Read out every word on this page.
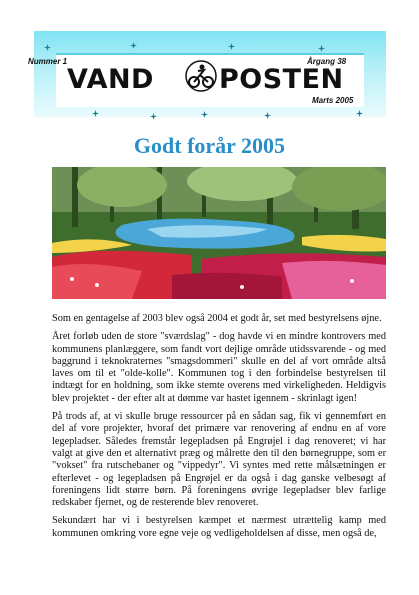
Nummer 1	Årgang 38
VAND POSTEN
Marts 2005
Godt forår 2005

Som en gentagelse af 2003 blev også 2004 et godt år, set med bestyrelsens øjne.

Året forløb uden de store "sværdslag" - dog havde vi en mindre kontrovers med kommunens planlæggere, som fandt vort dejlige område utidssvarende - og med baggrund i teknokraternes "smagsdommeri" skulle en del af vort område altså laves om til et "olde-kolle". Kommunen tog i den forbindelse bestyrelsen til indtægt for en holdning, som ikke stemte overens med virkeligheden. Heldigvis blev projektet - der efter alt at dømme var hastet igennem - skrinlagt igen!

På trods af, at vi skulle bruge ressourcer på en sådan sag, fik vi gennemført en del af vore projekter, hvoraf det primære var renovering af endnu en af vore legepladser. Således fremstår legepladsen på Engrøjel i dag renoveret; vi har valgt at give den et alternativt præg og målrette den til den børnegruppe, som er "vokset" fra rutschebaner og "vippedyr". Vi syntes med rette målsætningen er efterlevet - og legepladsen på Engrøjel er da også i dag ganske velbesøgt af foreningens lidt større børn. På foreningens øvrige legepladser blev farlige redskaber fjernet, og de resterende blev renoveret.

Sekundært har vi i bestyrelsen kæmpet et nærmest utrættelig kamp med kommunen omkring vore egne veje og vedligeholdelsen af disse, men også de,
